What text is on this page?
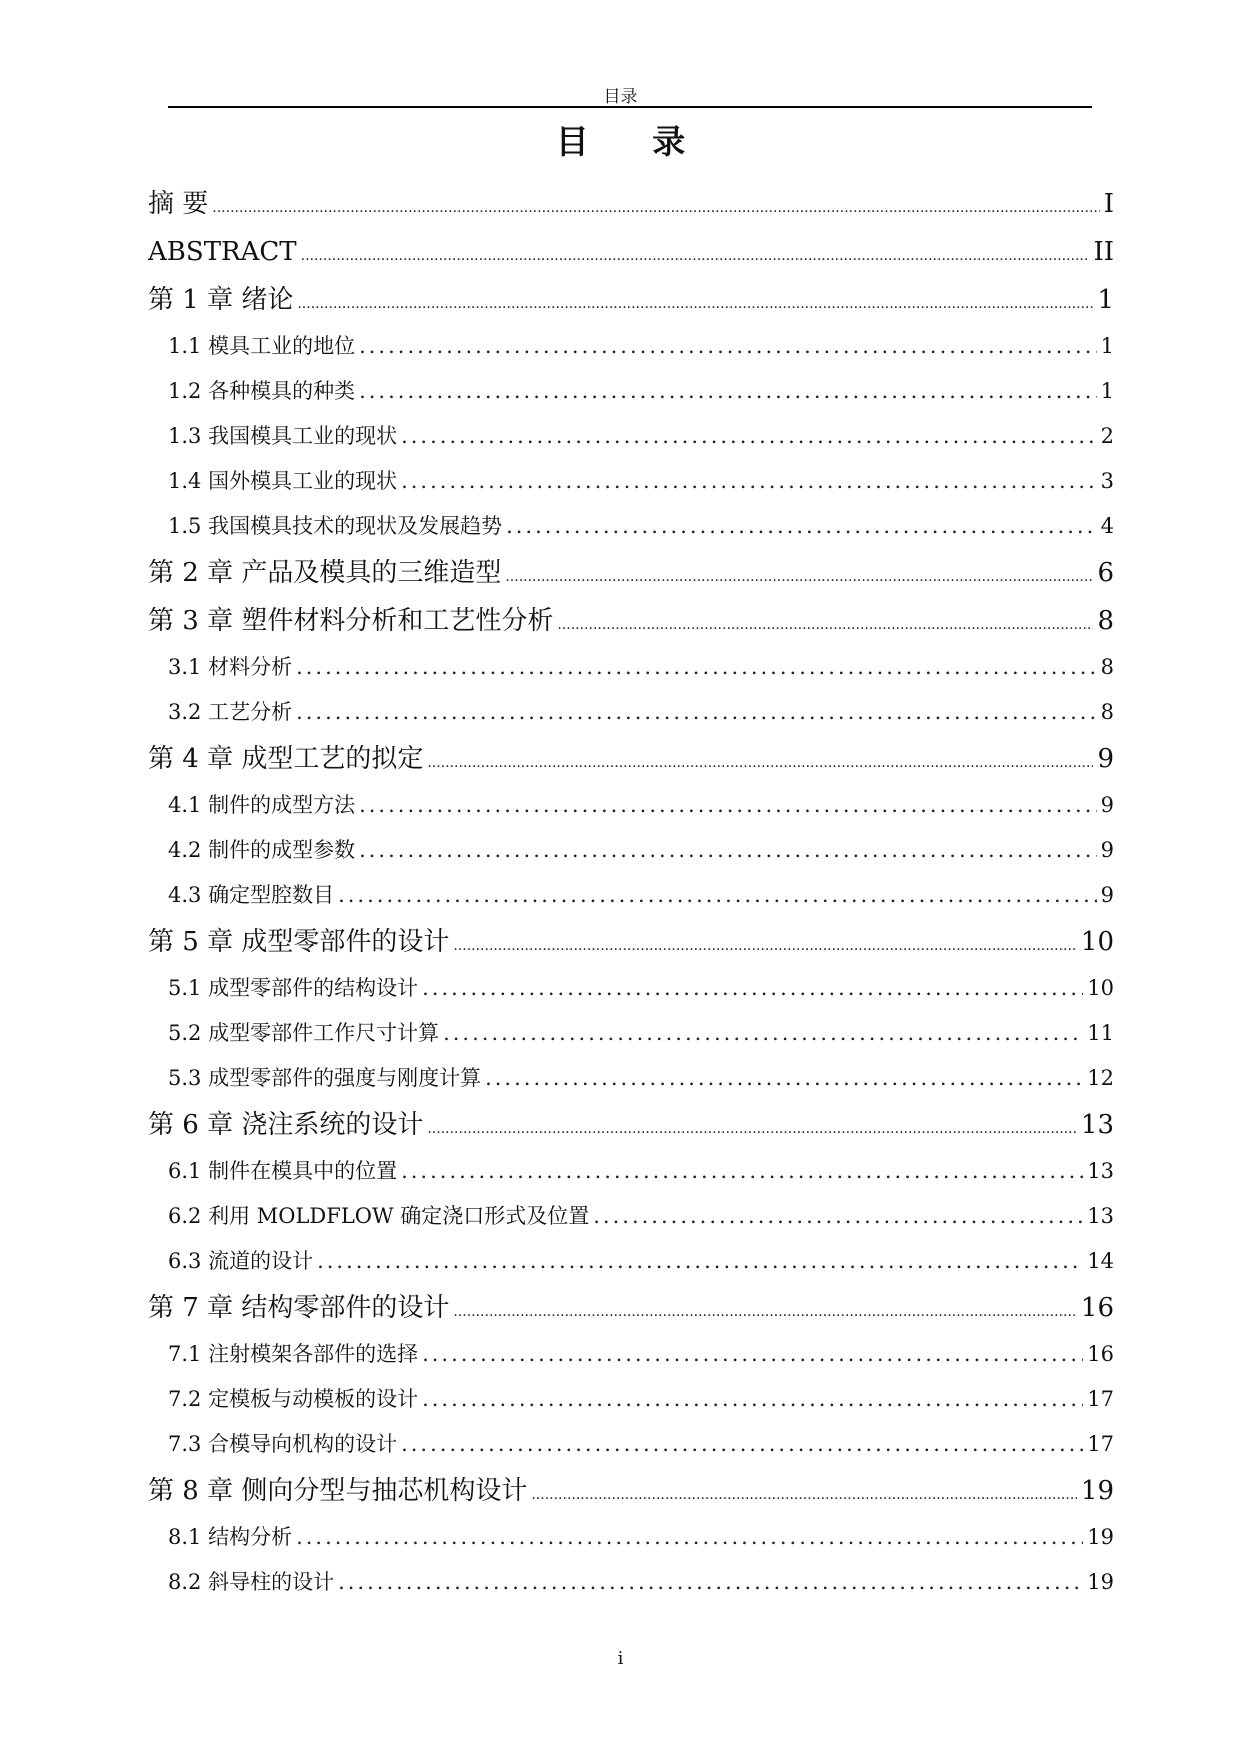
目录
目 录
摘 要 .....	I
ABSTRACT .....	II
第 1 章 绪论 .....	1
1.1 模具工业的地位 .....	1
1.2 各种模具的种类 .....	1
1.3 我国模具工业的现状 .....	2
1.4 国外模具工业的现状 .....	3
1.5 我国模具技术的现状及发展趋势 .....	4
第 2 章 产品及模具的三维造型 .....	6
第 3 章 塑件材料分析和工艺性分析 .....	8
3.1 材料分析 .....	8
3.2 工艺分析 .....	8
第 4 章 成型工艺的拟定 .....	9
4.1 制件的成型方法 .....	9
4.2 制件的成型参数 .....	9
4.3 确定型腔数目 .....	9
第 5 章 成型零部件的设计 .....	10
5.1 成型零部件的结构设计 .....	10
5.2 成型零部件工作尺寸计算 .....	11
5.3 成型零部件的强度与刚度计算 .....	12
第 6 章 浇注系统的设计 .....	13
6.1 制件在模具中的位置 .....	13
6.2 利用 MOLDFLOW 确定浇口形式及位置 .....	13
6.3 流道的设计 .....	14
第 7 章 结构零部件的设计 .....	16
7.1 注射模架各部件的选择 .....	16
7.2 定模板与动模板的设计 .....	17
7.3 合模导向机构的设计 .....	17
第 8 章 侧向分型与抽芯机构设计 .....	19
8.1 结构分析 .....	19
8.2 斜导柱的设计 .....	19
i
